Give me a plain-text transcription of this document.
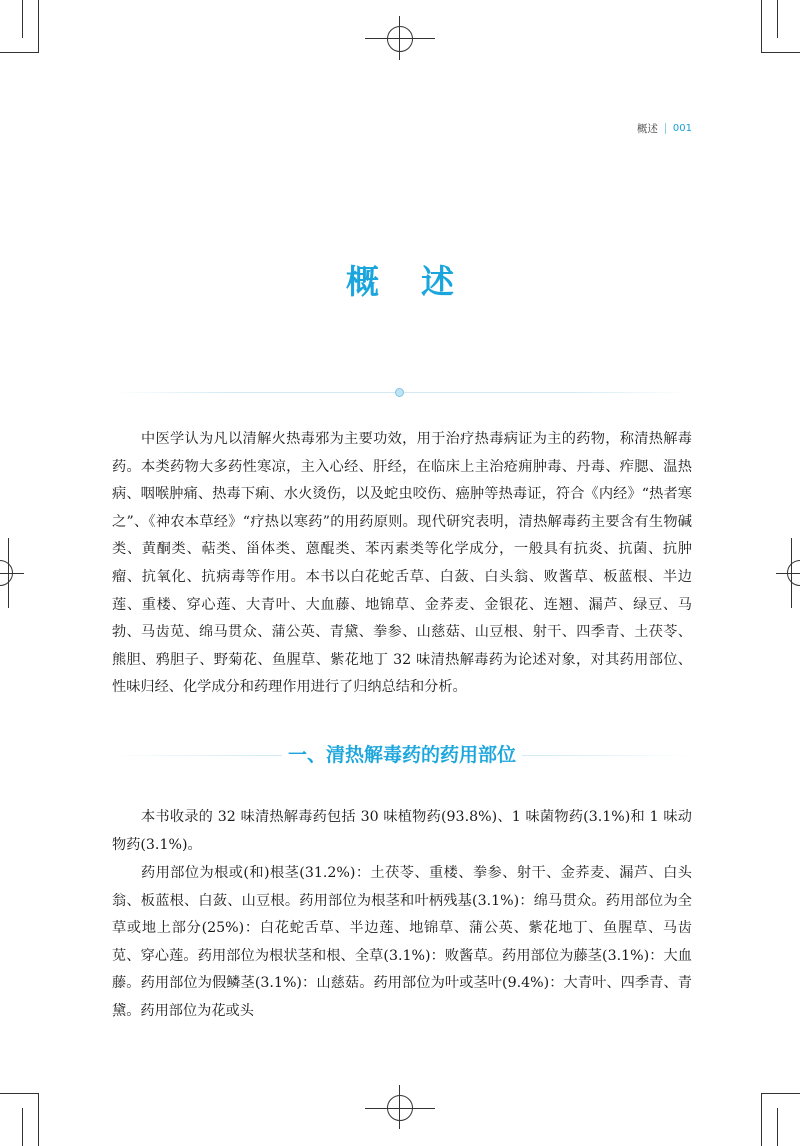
概述 001
概述

中医学认为凡以清解火热毒邪为主要功效，用于治疗热毒病证为主的药物，称清热解毒药。本类药物大多药性寒凉，主入心经、肝经，在临床上主治疮痈肿毒、丹毒、痄腮、温热病、咽喉肿痛、热毒下痢、水火烫伤，以及蛇虫咬伤、癌肿等热毒证，符合《内经》“热者寒之”、《神农本草经》“疗热以寒药”的用药原则。现代研究表明，清热解毒药主要含有生物碱类、黄酮类、萜类、甾体类、蒽醌类、苯丙素类等化学成分，一般具有抗炎、抗菌、抗肿瘤、抗氧化、抗病毒等作用。本书以白花蛇舌草、白蔹、白头翁、败酱草、板蓝根、半边莲、重楼、穿心莲、大青叶、大血藤、地锦草、金荞麦、金银花、连翘、漏芦、绿豆、马勃、马齿苋、绵马贯众、蒲公英、青黛、拳参、山慈菇、山豆根、射干、四季青、土茯苓、熊胆、鸦胆子、野菊花、鱼腥草、紫花地丁 32 味清热解毒药为论述对象，对其药用部位、性味归经、化学成分和药理作用进行了归纳总结和分析。

一、清热解毒药的药用部位

本书收录的 32 味清热解毒药包括 30 味植物药(93.8%)、1 味菌物药(3.1%)和 1 味动物药(3.1%)。

药用部位为根或(和)根茎(31.2%)：土茯苓、重楼、拳参、射干、金荞麦、漏芦、白头翁、板蓝根、白蔹、山豆根。药用部位为根茎和叶柄残基(3.1%)：绵马贯众。药用部位为全草或地上部分(25%)：白花蛇舌草、半边莲、地锦草、蒲公英、紫花地丁、鱼腥草、马齿苋、穿心莲。药用部位为根状茎和根、全草(3.1%)：败酱草。药用部位为藤茎(3.1%)：大血藤。药用部位为假鳞茎(3.1%)：山慈菇。药用部位为叶或茎叶(9.4%)：大青叶、四季青、青黛。药用部位为花或头
